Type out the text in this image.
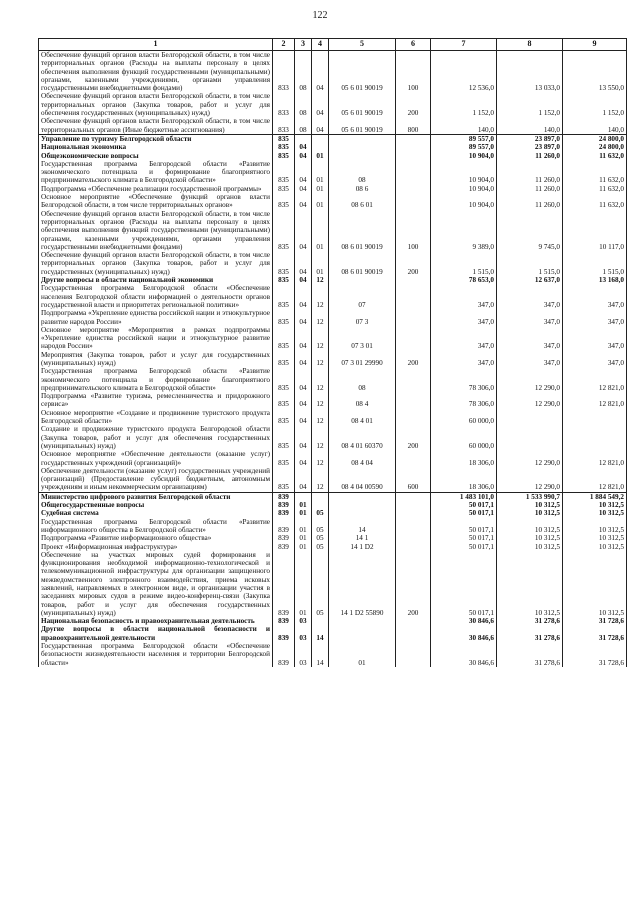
122
1	2	3	4	5	6	7	8	9
Обеспечение функций органов власти Белгородской области, в том числе территориальных органов (Расходы на выплаты персоналу в целях обеспечения выполнения функций государственными (муниципальными) органами, казенными учреждениями, органами управления государственными внебюджетными фондами)	833	08	04	05 6 01 90019	100	12 536,0	13 033,0	13 550,0
Обеспечение функций органов власти Белгородской области, в том числе территориальных органов (Закупка товаров, работ и услуг для обеспечения государственных (муниципальных) нужд)	833	08	04	05 6 01 90019	200	1 152,0	1 152,0	1 152,0
Обеспечение функций органов власти Белгородской области, в том числе территориальных органов (Иные бюджетные ассигнования)	833	08	04	05 6 01 90019	800	140,0	140,0	140,0
Управление по туризму Белгородской области	835					89 557,0	23 897,0	24 800,0
Национальная экономика	835	04				89 557,0	23 897,0	24 800,0
Общеэкономические вопросы	835	04	01			10 904,0	11 260,0	11 632,0
Государственная программа Белгородской области «Развитие экономического потенциала и формирование благоприятного предпринимательского климата в Белгородской области»	835	04	01	08		10 904,0	11 260,0	11 632,0
Подпрограмма «Обеспечение реализации государственной программы»	835	04	01	08 6		10 904,0	11 260,0	11 632,0
Основное мероприятие «Обеспечение функций органов власти Белгородской области, в том числе территориальных органов»	835	04	01	08 6 01		10 904,0	11 260,0	11 632,0
Обеспечение функций органов власти Белгородской области, в том числе территориальных органов (Расходы на выплаты персоналу в целях обеспечения выполнения функций государственными (муниципальными) органами, казенными учреждениями, органами управления государственными внебюджетными фондами)	835	04	01	08 6 01 90019	100	9 389,0	9 745,0	10 117,0
Обеспечение функций органов власти Белгородской области, в том числе территориальных органов (Закупка товаров, работ и услуг для государственных (муниципальных) нужд)	835	04	01	08 6 01 90019	200	1 515,0	1 515,0	1 515,0
Другие вопросы в области национальной экономики	835	04	12			78 653,0	12 637,0	13 168,0
Государственная программа Белгородской области «Обеспечение населения Белгородской области информацией о деятельности органов государственной власти и приоритетах региональной политики»	835	04	12	07		347,0	347,0	347,0
Подпрограмма «Укрепление единства российской нации и этнокультурное развитие народов России»	835	04	12	07 3		347,0	347,0	347,0
Основное мероприятие «Мероприятия в рамках подпрограммы «Укрепление единства российской нации и этнокультурное развитие народов России»	835	04	12	07 3 01		347,0	347,0	347,0
Мероприятия (Закупка товаров, работ и услуг для государственных (муниципальных) нужд)	835	04	12	07 3 01 29990	200	347,0	347,0	347,0
Государственная программа Белгородской области «Развитие экономического потенциала и формирование благоприятного предпринимательского климата в Белгородской области»	835	04	12	08		78 306,0	12 290,0	12 821,0
Подпрограмма «Развитие туризма, ремесленничества и придорожного сервиса»	835	04	12	08 4		78 306,0	12 290,0	12 821,0
Основное мероприятие «Создание и продвижение туристского продукта Белгородской области»	835	04	12	08 4 01		60 000,0		
Создание и продвижение туристского продукта Белгородской области (Закупка товаров, работ и услуг для обеспечения государственных (муниципальных) нужд)	835	04	12	08 4 01 60370	200	60 000,0		
Основное мероприятие «Обеспечение деятельности (оказание услуг) государственных учреждений (организаций)»	835	04	12	08 4 04		18 306,0	12 290,0	12 821,0
Обеспечение деятельности (оказание услуг) государственных учреждений (организаций) (Предоставление субсидий бюджетным, автономным учреждениям и иным некоммерческим организациям)	835	04	12	08 4 04 00590	600	18 306,0	12 290,0	12 821,0
Министерство цифрового развития Белгородской области	839					1 483 101,0	1 533 990,7	1 884 549,2
Общегосударственные вопросы	839	01				50 017,1	10 312,5	10 312,5
Судебная система	839	01	05			50 017,1	10 312,5	10 312,5
Государственная программа Белгородской области «Развитие информационного общества в Белгородской области»	839	01	05	14		50 017,1	10 312,5	10 312,5
Подпрограмма «Развитие информационного общества»	839	01	05	14 1		50 017,1	10 312,5	10 312,5
Проект «Информационная инфраструктура»	839	01	05	14 1 D2		50 017,1	10 312,5	10 312,5
Обеспечение на участках мировых судей формирования и функционирования необходимой информационно-технологической и телекоммуникационной инфраструктуры для организации защищенного межведомственного электронного взаимодействия, приема исковых заявлений, направляемых в электронном виде, и организации участия в заседаниях мировых судов в режиме видео-конференц-связи (Закупка товаров, работ и услуг для обеспечения государственных (муниципальных) нужд)	839	01	05	14 1 D2 55890	200	50 017,1	10 312,5	10 312,5
Национальная безопасность и правоохранительная деятельность	839	03				30 846,6	31 278,6	31 728,6
Другие вопросы в области национальной безопасности и правоохранительной деятельности	839	03	14			30 846,6	31 278,6	31 728,6
Государственная программа Белгородской области «Обеспечение безопасности жизнедеятельности населения и территории Белгородской области»	839	03	14	01		30 846,6	31 278,6	31 728,6
